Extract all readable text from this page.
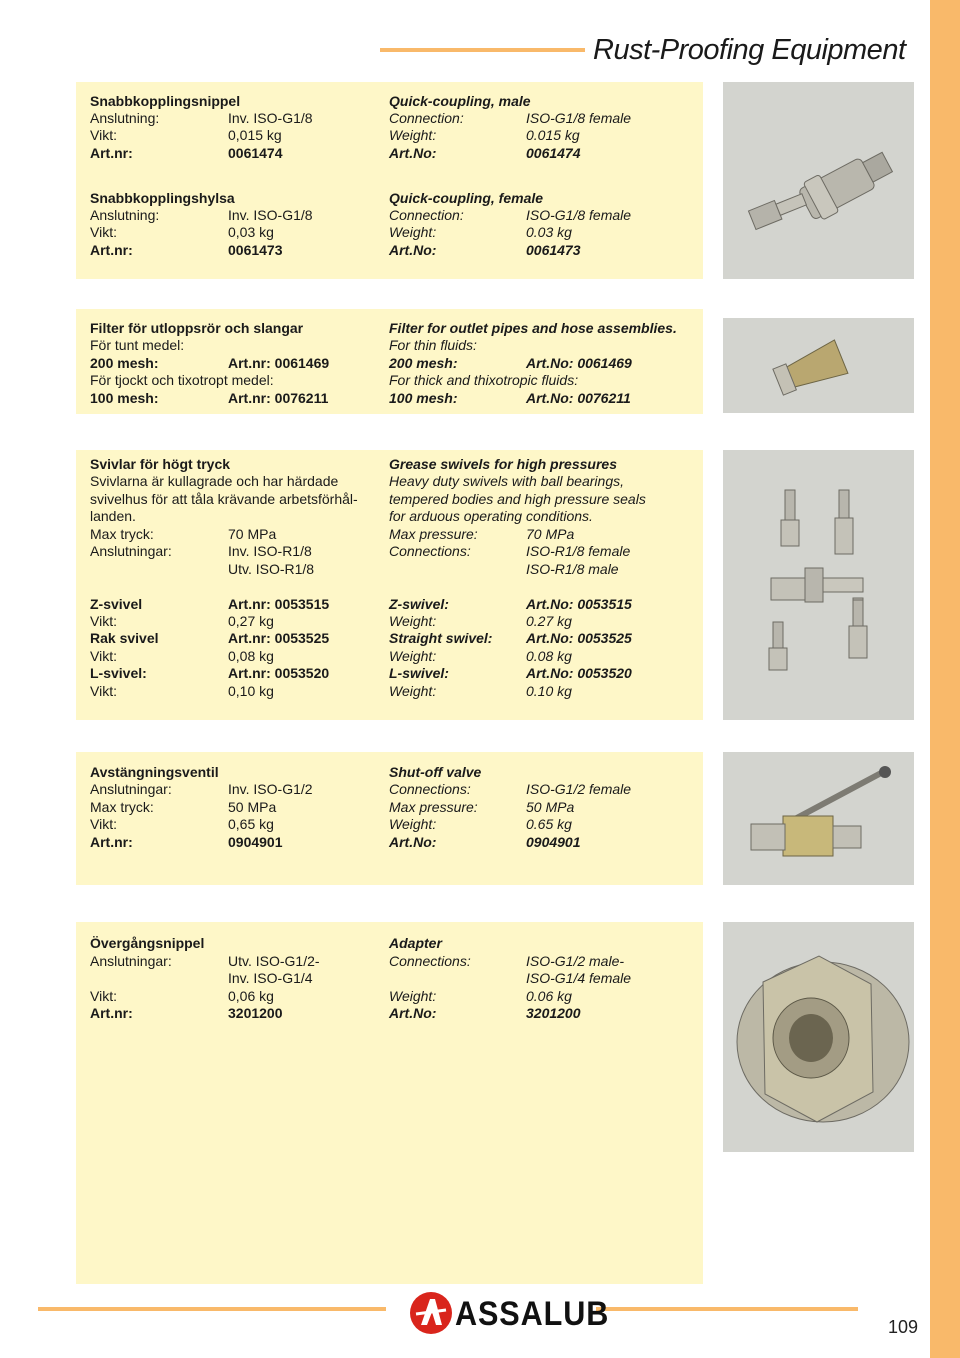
Rust-Proofing Equipment
Snabbkopplingsnippel
Anslutning:	Inv. ISO-G1/8
Vikt:	0,015 kg
Art.nr:	0061474
Quick-coupling, male
Connection:	ISO-G1/8 female
Weight:	0.015 kg
Art.No:	0061474
Snabbkopplingshylsa
Anslutning:	Inv. ISO-G1/8
Vikt:	0,03 kg
Art.nr:	0061473
Quick-coupling, female
Connection:	ISO-G1/8 female
Weight:	0.03 kg
Art.No:	0061473
Filter för utloppsrör och slangar
För tunt medel:
200 mesh:	Art.nr: 0061469
För tjockt och tixotropt medel:
100 mesh:	Art.nr: 0076211
Filter for outlet pipes and hose assemblies.
For thin fluids:
200 mesh:	Art.No: 0061469
For thick and thixotropic fluids:
100 mesh:	Art.No: 0076211
Svivlar för högt tryck
Svivlarna är kullagrade och har härdade
svivelhus för att tåla krävande arbetsförhål-
landen.
Max tryck:	70 MPa
Anslutningar:	Inv. ISO-R1/8
Utv. ISO-R1/8
Grease swivels for high pressures
Heavy duty swivels with ball bearings,
tempered bodies and high pressure seals
for arduous operating conditions.
Max pressure:	70 MPa
Connections:	ISO-R1/8 female
ISO-R1/8 male
Z-svivel	Art.nr: 0053515
Vikt:	0,27 kg
Rak svivel	Art.nr: 0053525
Vikt:	0,08 kg
L-svivel:	Art.nr: 0053520
Vikt:	0,10 kg
Z-swivel:	Art.No: 0053515
Weight:	0.27 kg
Straight swivel: Art.No: 0053525
Weight:	0.08 kg
L-swivel:	Art.No: 0053520
Weight:	0.10 kg
Avstängningsventil
Anslutningar:	Inv. ISO-G1/2
Max tryck:	50 MPa
Vikt:	0,65 kg
Art.nr:	0904901
Shut-off valve
Connections:	ISO-G1/2 female
Max pressure:	50 MPa
Weight:	0.65 kg
Art.No:	0904901
Övergångsnippel
Anslutningar:	Utv. ISO-G1/2-
Inv. ISO-G1/4
Vikt:	0,06 kg
Art.nr:	3201200
Adapter
Connections:	ISO-G1/2 male-
ISO-G1/4 female
Weight:	0.06 kg
Art.No:	3201200
ASSALUB	109
